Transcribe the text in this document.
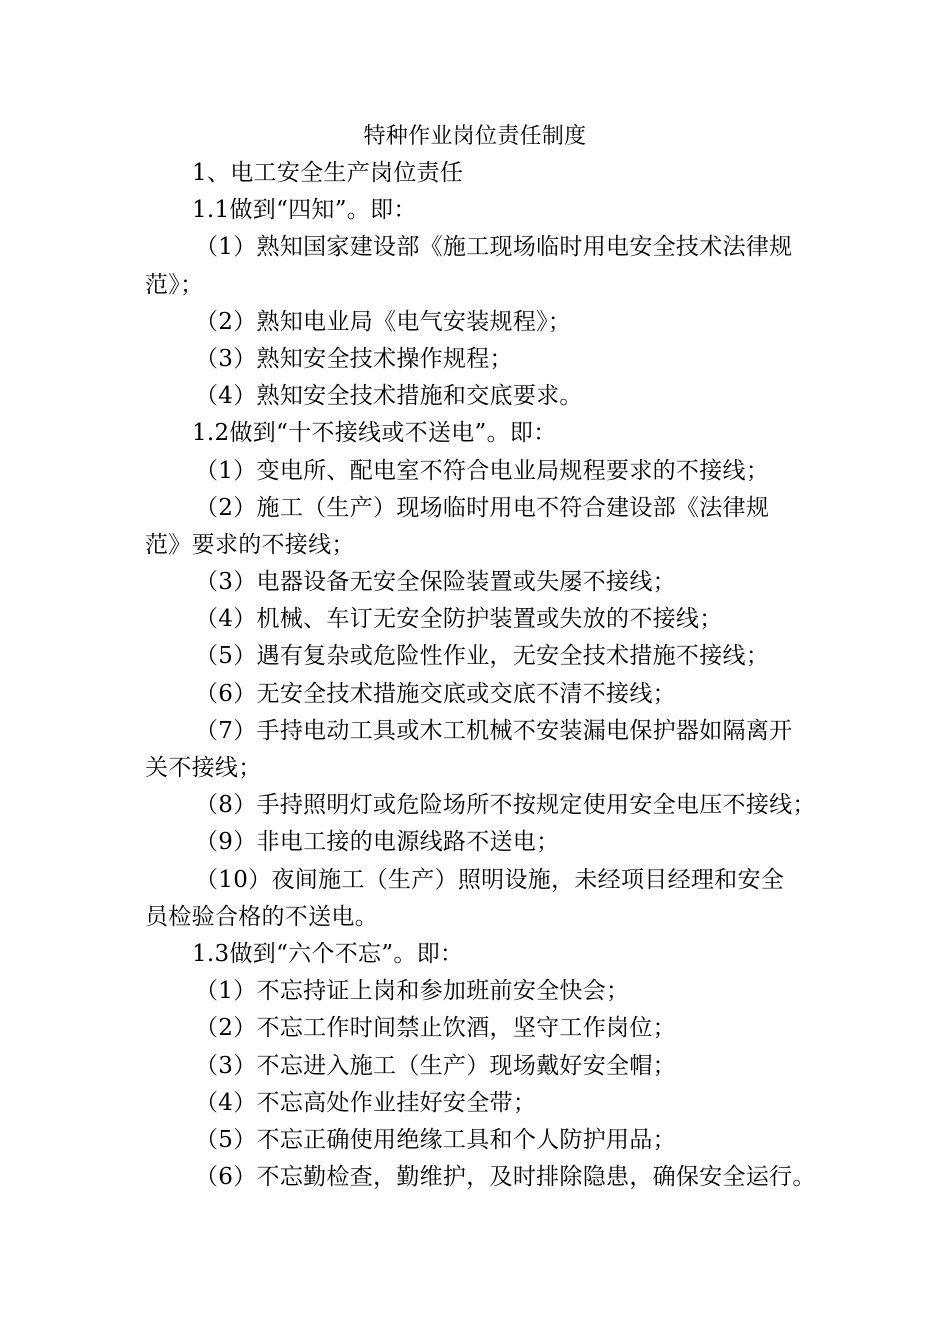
特种作业岗位责任制度
1、电工安全生产岗位责任
1.1做到“四知”。即：
（1）熟知国家建设部《施工现场临时用电安全技术法律规
范》；
（2）熟知电业局《电气安装规程》；
（3）熟知安全技术操作规程；
（4）熟知安全技术措施和交底要求。
1.2做到“十不接线或不送电”。即：
（1）变电所、配电室不符合电业局规程要求的不接线；
（2）施工（生产）现场临时用电不符合建设部《法律规
范》要求的不接线；
（3）电器设备无安全保险装置或失屡不接线；
（4）机械、车订无安全防护装置或失放的不接线；
（5）遇有复杂或危险性作业，无安全技术措施不接线；
（6）无安全技术措施交底或交底不清不接线；
（7）手持电动工具或木工机械不安装漏电保护器如隔离开
关不接线；
（8）手持照明灯或危险场所不按规定使用安全电压不接线；
（9）非电工接的电源线路不送电；
（10）夜间施工（生产）照明设施，未经项目经理和安全
员检验合格的不送电。
1.3做到“六个不忘”。即：
（1）不忘持证上岗和参加班前安全快会；
（2）不忘工作时间禁止饮酒，坚守工作岗位；
（3）不忘进入施工（生产）现场戴好安全帽；
（4）不忘高处作业挂好安全带；
（5）不忘正确使用绝缘工具和个人防护用品；
（6）不忘勤检查，勤维护，及时排除隐患，确保安全运行。
